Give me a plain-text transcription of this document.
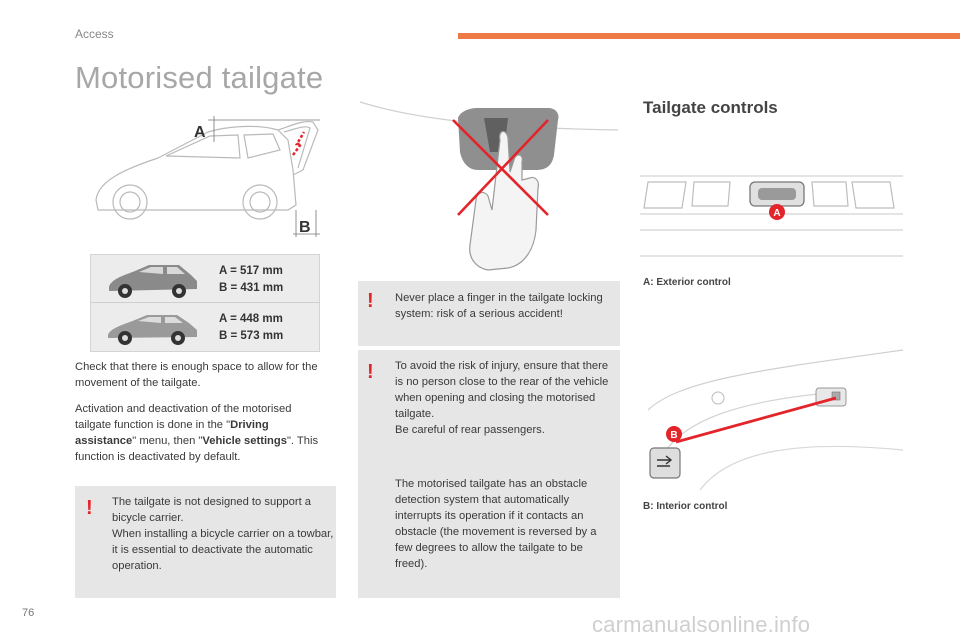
Access
Motorised tailgate
A
B
A = 517 mm
B = 431 mm
A = 448 mm
B = 573 mm
Check that there is enough space to allow for the movement of the tailgate.
Activation and deactivation of the motorised tailgate function is done in the "Driving assistance" menu, then "Vehicle settings". This function is deactivated by default.
! The tailgate is not designed to support a bicycle carrier.
When installing a bicycle carrier on a towbar, it is essential to deactivate the automatic operation.
! Never place a finger in the tailgate locking system: risk of a serious accident!
! To avoid the risk of injury, ensure that there is no person close to the rear of the vehicle when opening and closing the motorised tailgate.
Be careful of rear passengers.
The motorised tailgate has an obstacle detection system that automatically interrupts its operation if it contacts an obstacle (the movement is reversed by a few degrees to allow the tailgate to be freed).
Tailgate controls
A
A: Exterior control
B
B: Interior control
76	carmanualsonline.info
